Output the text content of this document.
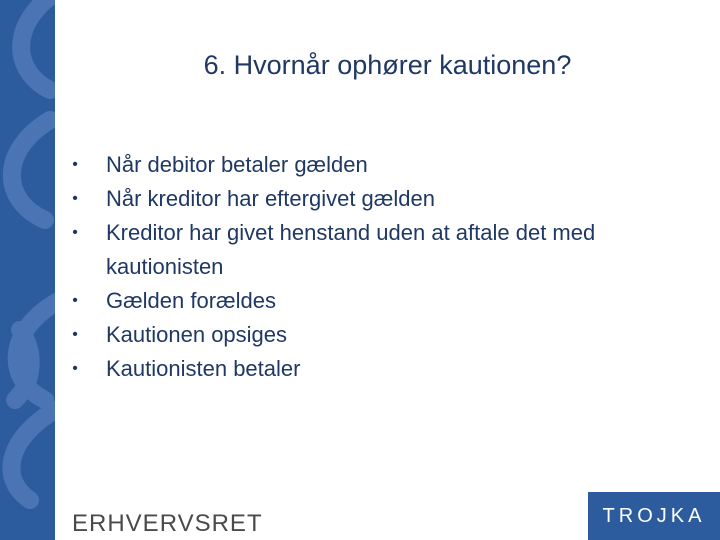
6. Hvornår ophører kautionen?
• Når debitor betaler gælden
• Når kreditor har eftergivet gælden
• Kreditor har givet henstand uden at aftale det med kautionisten
• Gælden forældes
• Kautionen opsiges
• Kautionisten betaler
ERHVERVSRET	TROJKA
